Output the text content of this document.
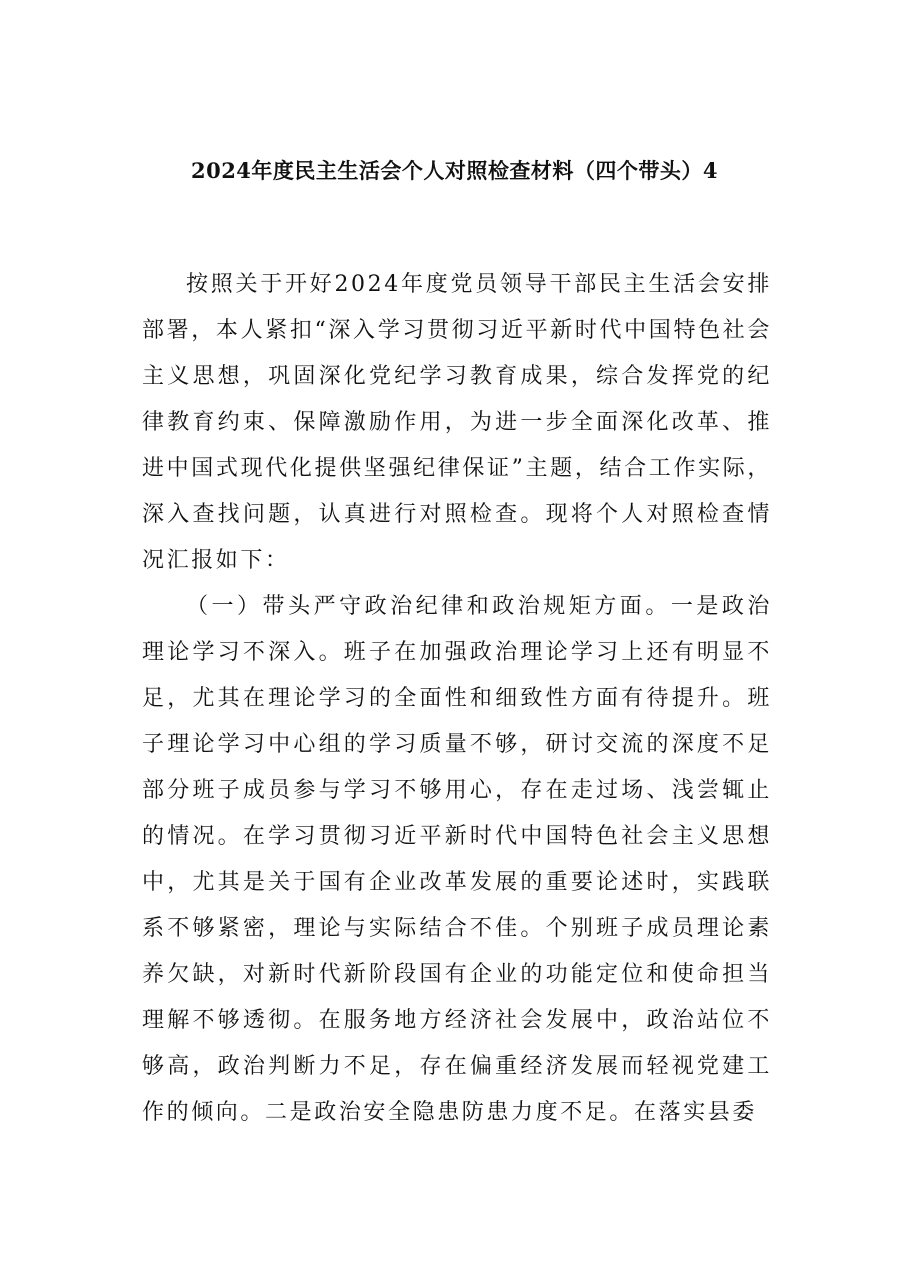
2024年度民主生活会个人对照检查材料（四个带头）4

按照关于开好2024年度党员领导干部民主生活会安排部署，本人紧扣“深入学习贯彻习近平新时代中国特色社会主义思想，巩固深化党纪学习教育成果，综合发挥党的纪律教育约束、保障激励作用，为进一步全面深化改革、推进中国式现代化提供坚强纪律保证”主题，结合工作实际，深入查找问题，认真进行对照检查。现将个人对照检查情况汇报如下：

（一）带头严守政治纪律和政治规矩方面。一是政治理论学习不深入。班子在加强政治理论学习上还有明显不足，尤其在理论学习的全面性和细致性方面有待提升。班子理论学习中心组的学习质量不够，研讨交流的深度不足部分班子成员参与学习不够用心，存在走过场、浅尝辄止的情况。在学习贯彻习近平新时代中国特色社会主义思想中，尤其是关于国有企业改革发展的重要论述时，实践联系不够紧密，理论与实际结合不佳。个别班子成员理论素养欠缺，对新时代新阶段国有企业的功能定位和使命担当理解不够透彻。在服务地方经济社会发展中，政治站位不够高，政治判断力不足，存在偏重经济发展而轻视党建工作的倾向。二是政治安全隐患防患力度不足。在落实县委
